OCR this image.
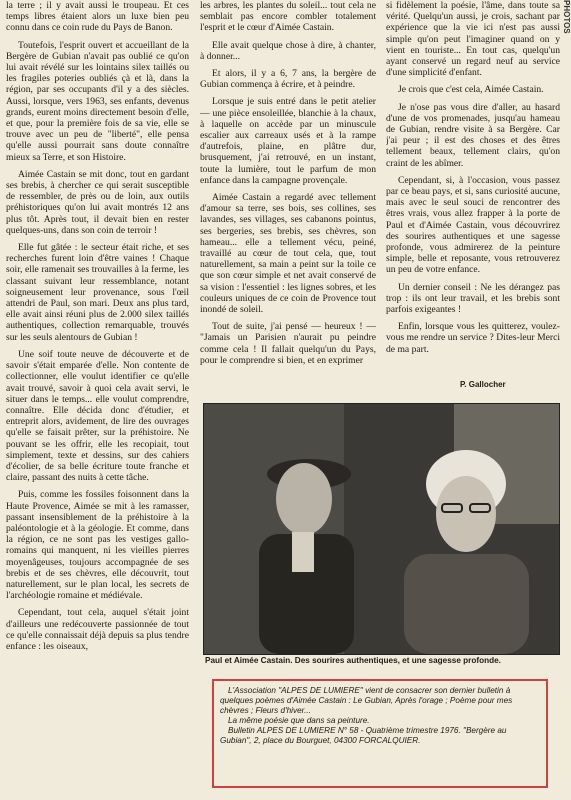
la terre ; il y avait aussi le troupeau. Et ces temps libres étaient alors un luxe bien peu connu dans ce coin rude du Pays de Banon.

Toutefois, l'esprit ouvert et accueillant de la Bergère de Gubian n'avait pas oublié ce qu'on lui avait révélé sur les lointains silex taillés ou les fragiles poteries oubliés çà et là, dans la région, par ses occupants d'il y a des siècles. Aussi, lorsque, vers 1963, ses enfants, devenus grands, eurent moins directement besoin d'elle, et que, pour la première fois de sa vie, elle se trouve avec un peu de "liberté", elle pensa qu'elle aussi pourrait sans doute connaître mieux sa Terre, et son Histoire.

Aimée Castain se mit donc, tout en gardant ses brebis, à chercher ce qui serait susceptible de ressembler, de près ou de loin, aux outils préhistoriques qu'on lui avait montrés 12 ans plus tôt. Après tout, il devait bien en rester quelques-uns, dans son coin de terroir !

Elle fut gâtée : le secteur était riche, et ses recherches furent loin d'être vaines ! Chaque soir, elle ramenait ses trouvailles à la ferme, les classant suivant leur ressemblance, notant soigneusement leur provenance, sous l'œil attendri de Paul, son mari. Deux ans plus tard, elle avait ainsi réuni plus de 2.000 silex taillés authentiques, collection remarquable, trouvés sur les seuls alentours de Gubian !

Une soif toute neuve de découverte et de savoir s'était emparée d'elle. Non contente de collectionner, elle voulut identifier ce qu'elle avait trouvé, savoir à quoi cela avait servi, le situer dans le temps... elle voulut comprendre, connaître. Elle décida donc d'étudier, et entreprit alors, avidement, de lire des ouvrages qu'elle se faisait prêter, sur la préhistoire. Ne pouvant se les offrir, elle les recopiait, tout simplement, texte et dessins, sur des cahiers d'écolier, de sa belle écriture toute franche et claire, passant des nuits à cette tâche.

Puis, comme les fossiles foisonnent dans la Haute Provence, Aimée se mit à les ramasser, passant insensiblement de la préhistoire à la paléontologie et à la géologie. Et comme, dans la région, ce ne sont pas les vestiges gallo-romains qui manquent, ni les vieilles pierres moyenâgeuses, toujours accompagnée de ses brebis et de ses chèvres, elle découvrit, tout naturellement, sur le plan local, les secrets de l'archéologie romaine et médiévale.

Cependant, tout cela, auquel s'était joint d'ailleurs une redécouverte passionnée de tout ce qu'elle connaissait déjà depuis sa plus tendre enfance : les oiseaux,

les arbres, les plantes du soleil... tout cela ne semblait pas encore combler totalement l'esprit et le cœur d'Aimée Castain.

Elle avait quelque chose à dire, à chanter, à donner...

Et alors, il y a 6, 7 ans, la bergère de Gubian commença à écrire, et à peindre.

Lorsque je suis entré dans le petit atelier — une pièce ensoleillée, blanchie à la chaux, à laquelle on accède par un minuscule escalier aux carreaux usés et à la rampe d'autrefois, plaine, en plâtre dur, brusquement, j'ai retrouvé, en un instant, toute la lumière, tout le parfum de mon enfance dans la campagne provençale.

Aimée Castain a regardé avec tellement d'amour sa terre, ses bois, ses collines, ses lavandes, ses villages, ses cabanons pointus, ses bergeries, ses brebis, ses chèvres, son hameau... elle a tellement vécu, peiné, travaillé au cœur de tout cela, que, tout naturellement, sa main a peint sur la toile ce que son cœur simple et net avait conservé de sa vision : l'essentiel : les lignes sobres, et les couleurs uniques de ce coin de Provence tout inondé de soleil.

Tout de suite, j'ai pensé — heureux ! — "Jamais un Parisien n'aurait pu peindre comme cela ! Il fallait quelqu'un du Pays, pour le comprendre si bien, et en exprimer

si fidèlement la poésie, l'âme, dans toute sa vérité. Quelqu'un aussi, je crois, sachant par expérience que la vie ici n'est pas aussi simple qu'on peut l'imaginer quand on y vient en touriste... En tout cas, quelqu'un ayant conservé un regard neuf au service d'une simplicité d'enfant.

Je crois que c'est cela, Aimée Castain.

Je n'ose pas vous dire d'aller, au hasard d'une de vos promenades, jusqu'au hameau de Gubian, rendre visite à sa Bergère. Car j'ai peur ; il est des choses et des êtres tellement beaux, tellement clairs, qu'on craint de les abîmer.

Cependant, si, à l'occasion, vous passez par ce beau pays, et si, sans curiosité aucune, mais avec le seul souci de rencontrer des êtres vrais, vous allez frapper à la porte de Paul et d'Aimée Castain, vous découvrirez des sourires authentiques et une sagesse profonde, vous admirerez de la peinture simple, belle et reposante, vous retrouverez un peu de votre enfance.

Un dernier conseil : Ne les dérangez pas trop : ils ont leur travail, et les brebis sont parfois exigeantes !

Enfin, lorsque vous les quitterez, voulez-vous me rendre un service ? Dites-leur Merci de ma part.

PHOTOS
P. Gallocher
Paul et Aimée Castain. Des sourires authentiques, et une sagesse profonde.
L'Association "ALPES DE LUMIERE" vient de consacrer son dernier bulletin à quelques poèmes d'Aimée Castain : Le Gubian, Après l'orage ; Poème pour mes chèvres ; Fleurs d'hiver...
La même poésie que dans sa peinture.
Bulletin ALPES DE LUMIERE N° 58 - Quatrième trimestre 1976. "Bergère au Gubian", 2, place du Bourguet, 04300 FORCALQUIER.
